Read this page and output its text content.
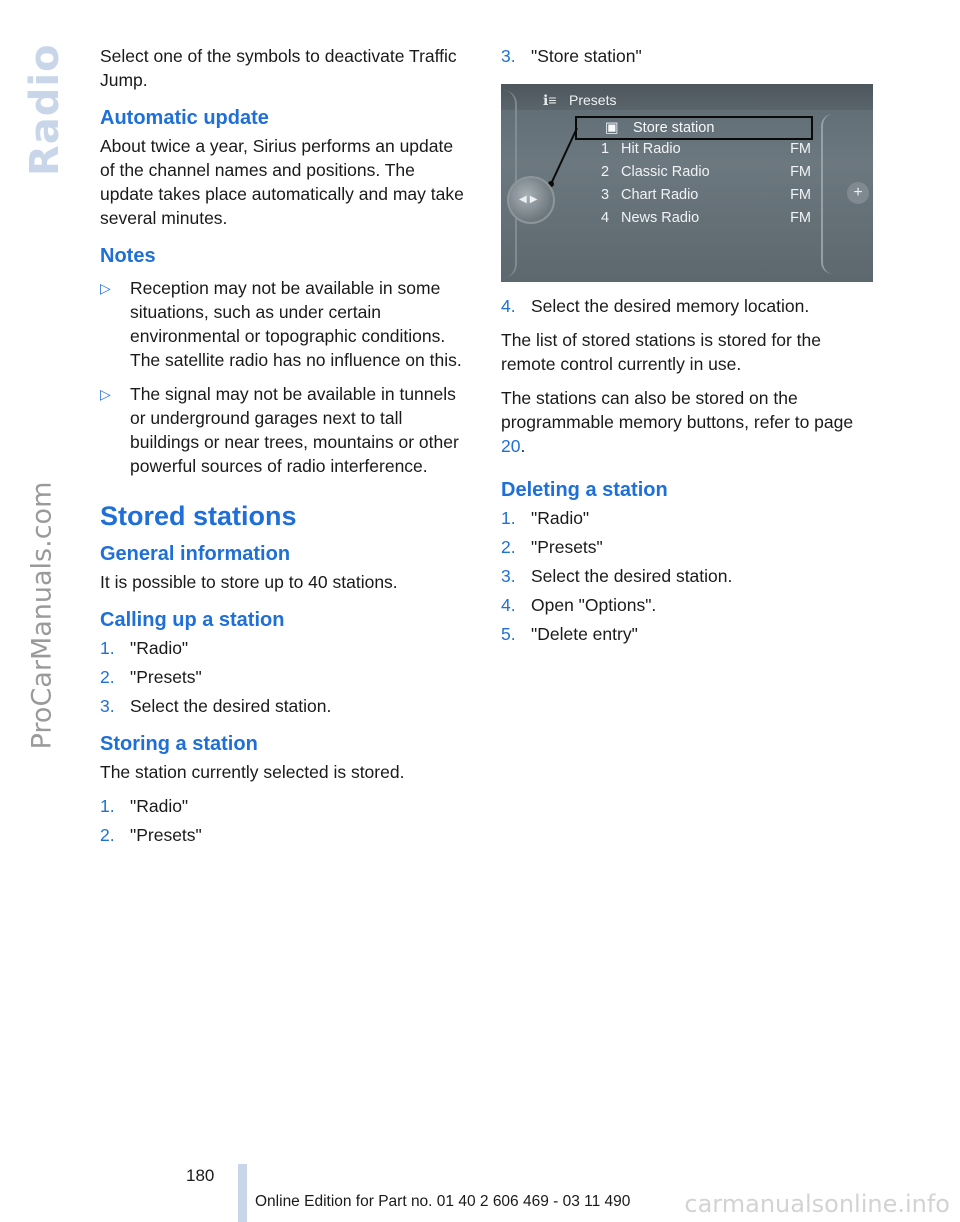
Radio
ProCarManuals.com

Select one of the symbols to deactivate Traffic Jump.

Automatic update

About twice a year, Sirius performs an update of the channel names and positions. The update takes place automatically and may take several minutes.

Notes
▷ Reception may not be available in some situations, such as under certain environmental or topographic conditions. The satellite radio has no influence on this.
▷ The signal may not be available in tunnels or underground garages next to tall buildings or near trees, mountains or other powerful sources of radio interference.
Stored stations
General information

It is possible to store up to 40 stations.

Calling up a station
1. "Radio"
2. "Presets"
3. Select the desired station.
Storing a station

The station currently selected is stored.

1. "Radio"
2. "Presets"
3. "Store station"
ℹ≡ Presets
▣ Store station
1 Hit Radio	FM
2 Classic Radio	FM
3 Chart Radio	FM
4 News Radio	FM
◀▶	+
4. Select the desired memory location.

The list of stored stations is stored for the remote control currently in use.

The stations can also be stored on the programmable memory buttons, refer to page 20.

Deleting a station
1. "Radio"
2. "Presets"
3. Select the desired station.
4. Open "Options".
5. "Delete entry"
180
Online Edition for Part no. 01 40 2 606 469 - 03 11 490 carmanualsonline.info
